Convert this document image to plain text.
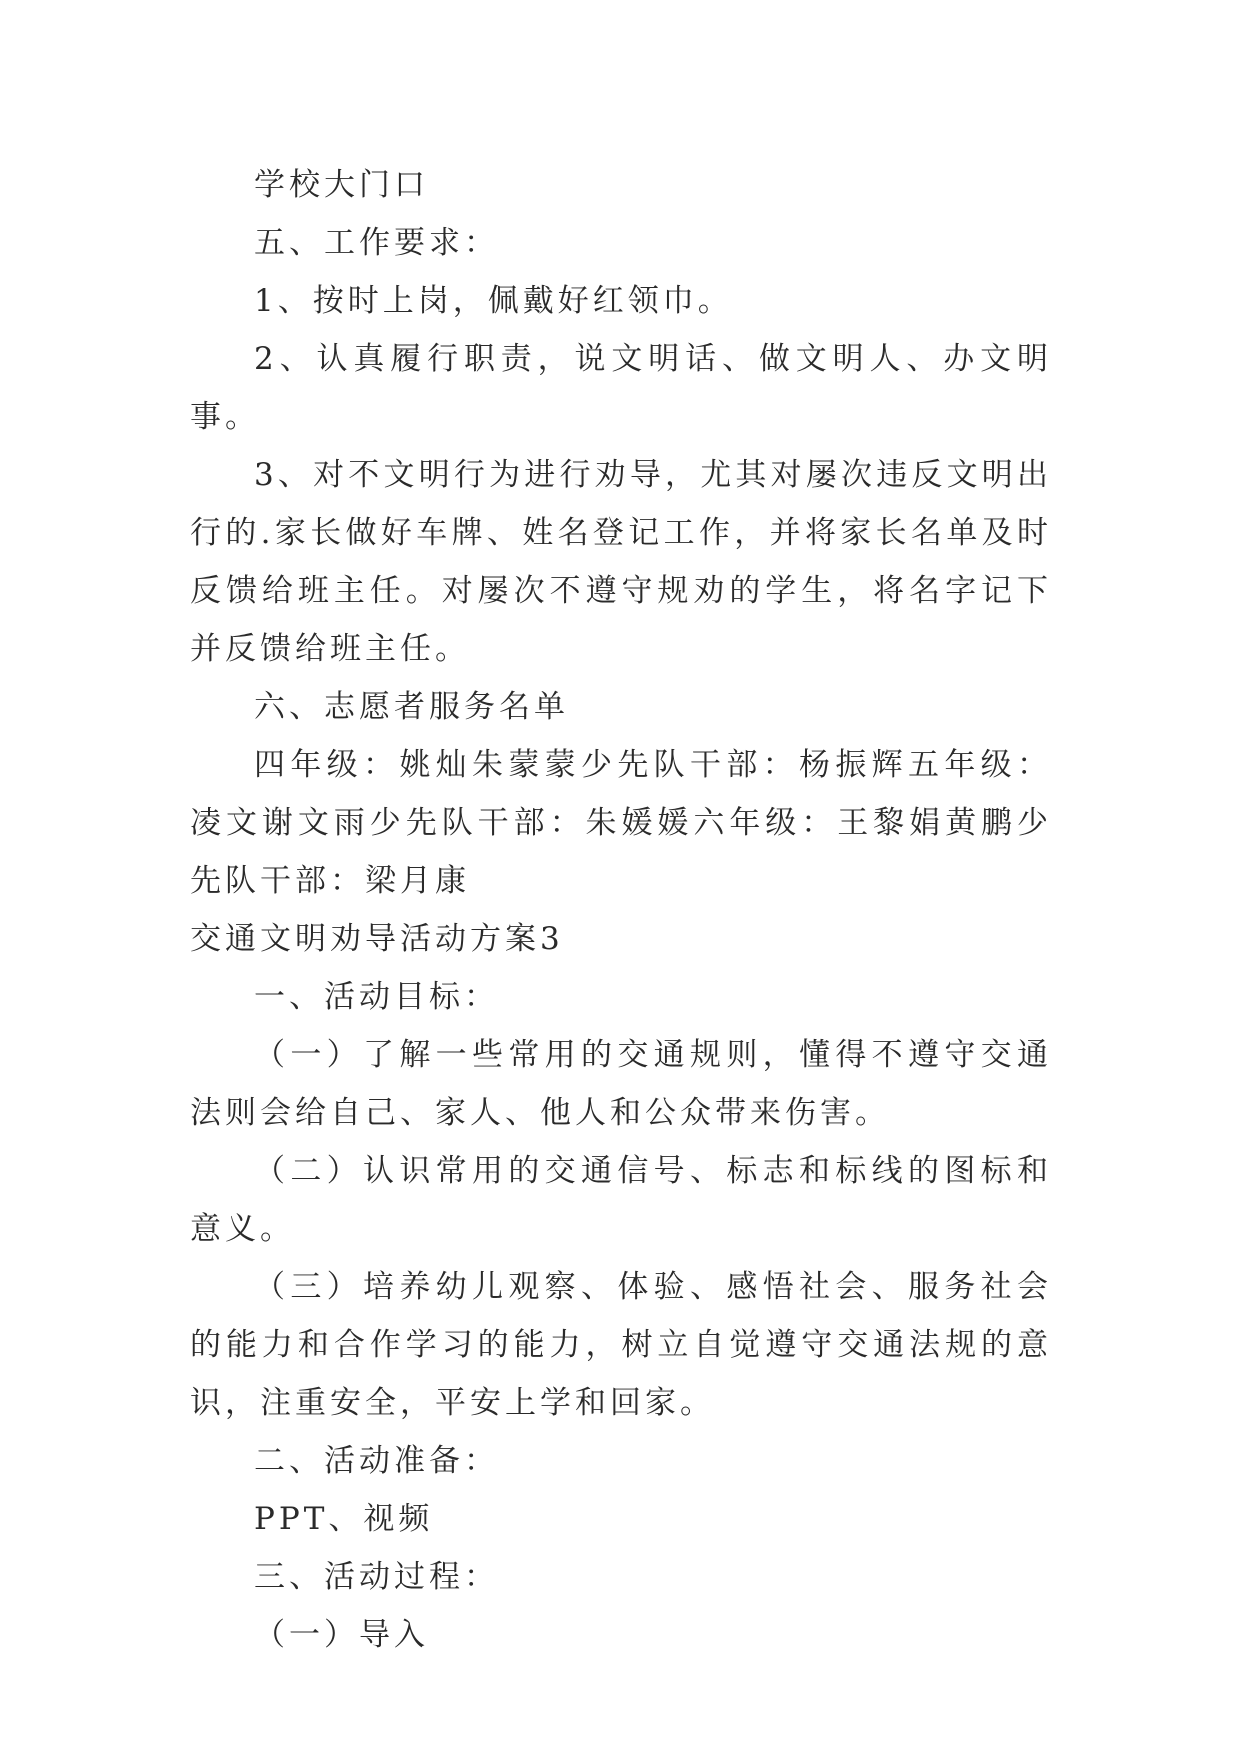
学校大门口

五、工作要求：

1、按时上岗，佩戴好红领巾。

2、认真履行职责，说文明话、做文明人、办文明事。

3、对不文明行为进行劝导，尤其对屡次违反文明出行的.家长做好车牌、姓名登记工作，并将家长名单及时反馈给班主任。对屡次不遵守规劝的学生，将名字记下并反馈给班主任。

六、志愿者服务名单

四年级：姚灿朱蒙蒙少先队干部：杨振辉五年级：凌文谢文雨少先队干部：朱媛媛六年级：王黎娟黄鹏少先队干部：梁月康

交通文明劝导活动方案3

一、活动目标：

（一）了解一些常用的交通规则，懂得不遵守交通法则会给自己、家人、他人和公众带来伤害。

（二）认识常用的交通信号、标志和标线的图标和意义。

（三）培养幼儿观察、体验、感悟社会、服务社会的能力和合作学习的能力，树立自觉遵守交通法规的意识，注重安全，平安上学和回家。

二、活动准备：

PPT、视频

三、活动过程：

（一）导入
